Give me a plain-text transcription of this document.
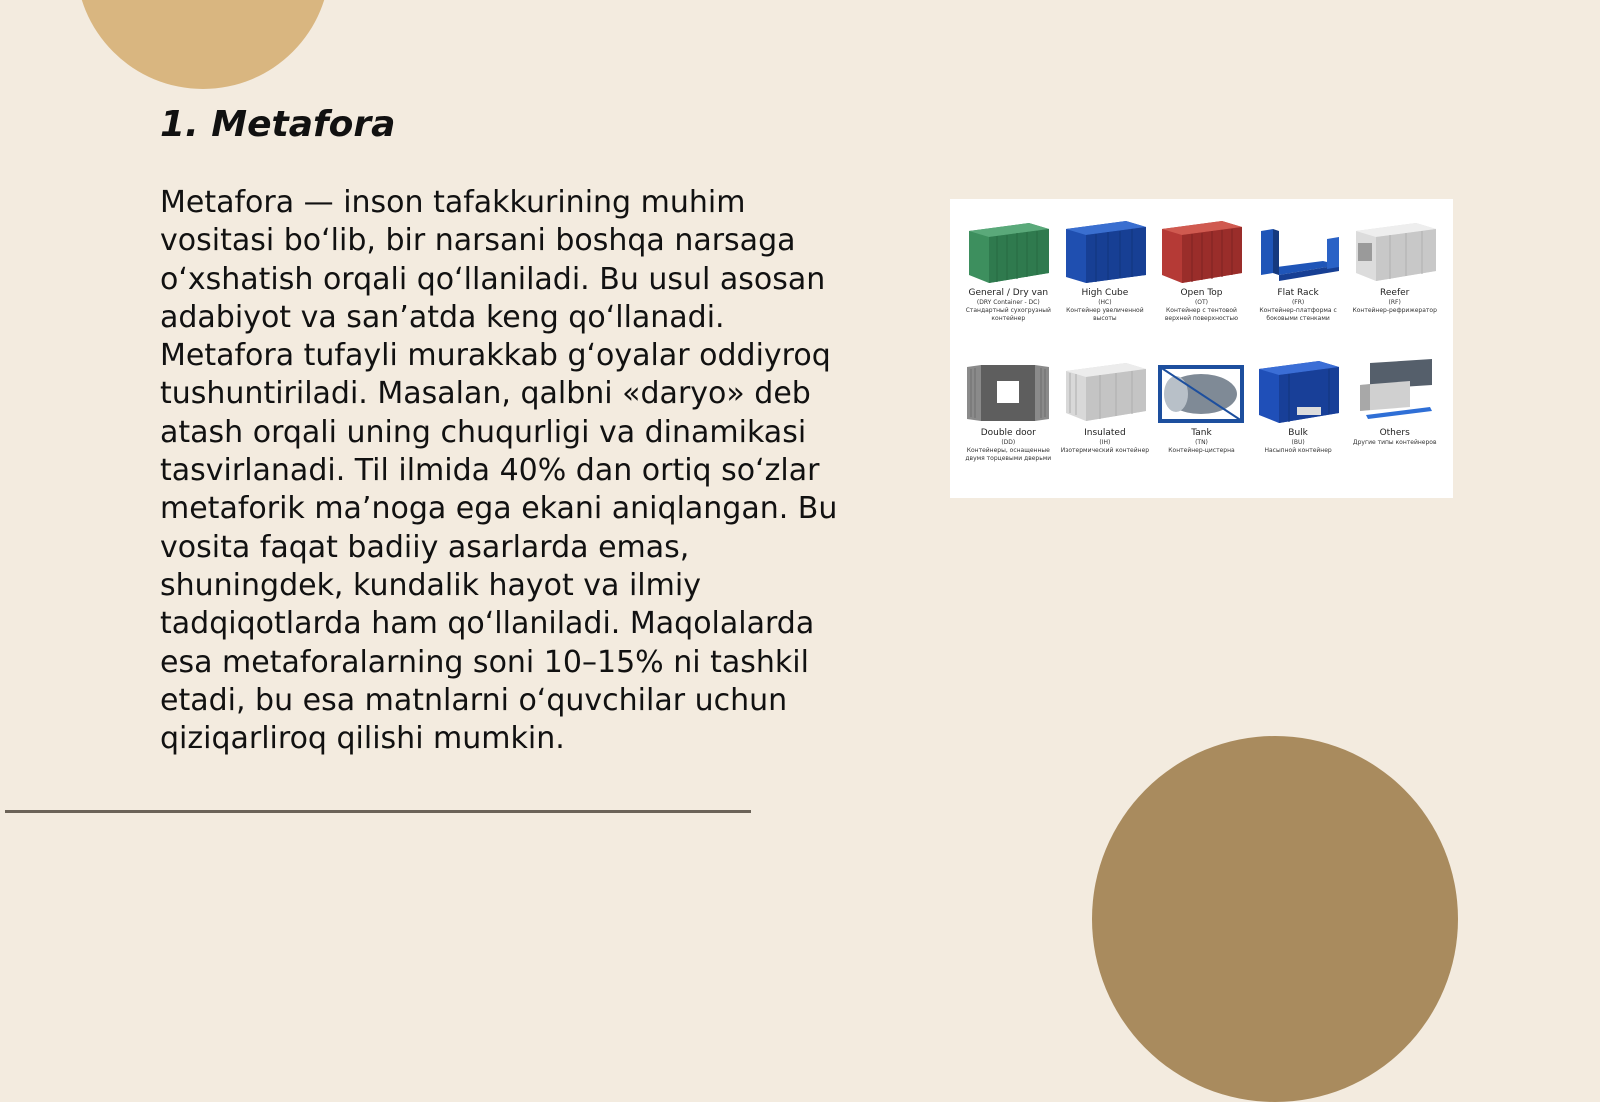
1. Metafora

Metafora — inson tafakkurining muhim vositasi bo‘lib, bir narsani boshqa narsaga o‘xshatish orqali qo‘llaniladi. Bu usul asosan adabiyot va san’atda keng qo‘llanadi. Metafora tufayli murakkab g‘oyalar oddiyroq tushuntiriladi. Masalan, qalbni «daryo» deb atash orqali uning chuqurligi va dinamikasi tasvirlanadi. Til ilmida 40% dan ortiq so‘zlar metaforik ma’noga ega ekani aniqlangan. Bu vosita faqat badiiy asarlarda emas, shuningdek, kundalik hayot va ilmiy tadqiqotlarda ham qo‘llaniladi. Maqolalarda esa metaforalarning soni 10–15% ni tashkil etadi, bu esa matnlarni o‘quvchilar uchun qiziqarliroq qilishi mumkin.

General / Dry van
(DRY Container - DC)
Стандартный сухогрузный контейнер
High Cube
(HC)
Контейнер увеличенной высоты
Open Top
(OT)
Контейнер с тентовой верхней поверхностью
Flat Rack
(FR)
Контейнер-платформа с боковыми стенками
Reefer
(RF)
Контейнер-рефрижератор
Double door
(DD)
Контейнеры, оснащенные двумя торцевыми дверьми
Insulated
(IH)
Изотермический контейнер
Tank
(TN)
Контейнер-цистерна
Bulk
(BU)
Насыпной контейнер
Others
Другие типы контейнеров
